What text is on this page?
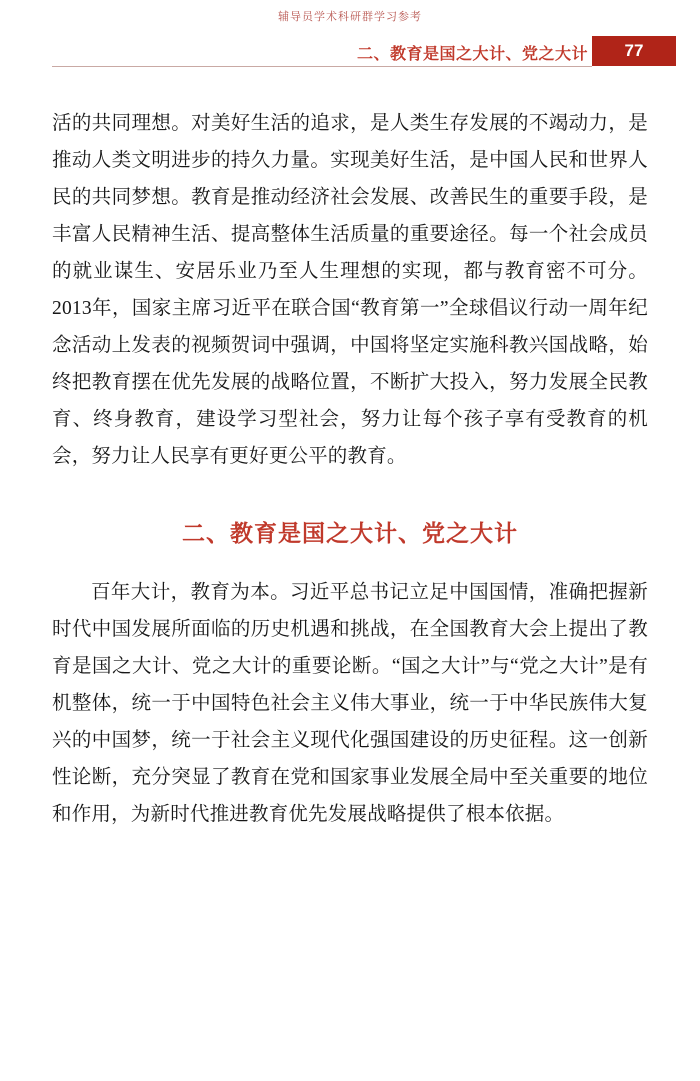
辅导员学术科研群学习参考
二、教育是国之大计、党之大计	77

活的共同理想。对美好生活的追求，是人类生存发展的不竭动力，是推动人类文明进步的持久力量。实现美好生活，是中国人民和世界人民的共同梦想。教育是推动经济社会发展、改善民生的重要手段，是丰富人民精神生活、提高整体生活质量的重要途径。每一个社会成员的就业谋生、安居乐业乃至人生理想的实现，都与教育密不可分。2013年，国家主席习近平在联合国“教育第一”全球倡议行动一周年纪念活动上发表的视频贺词中强调，中国将坚定实施科教兴国战略，始终把教育摆在优先发展的战略位置，不断扩大投入，努力发展全民教育、终身教育，建设学习型社会，努力让每个孩子享有受教育的机会，努力让人民享有更好更公平的教育。

二、教育是国之大计、党之大计

百年大计，教育为本。习近平总书记立足中国国情，准确把握新时代中国发展所面临的历史机遇和挑战，在全国教育大会上提出了教育是国之大计、党之大计的重要论断。“国之大计”与“党之大计”是有机整体，统一于中国特色社会主义伟大事业，统一于中华民族伟大复兴的中国梦，统一于社会主义现代化强国建设的历史征程。这一创新性论断，充分突显了教育在党和国家事业发展全局中至关重要的地位和作用，为新时代推进教育优先发展战略提供了根本依据。
